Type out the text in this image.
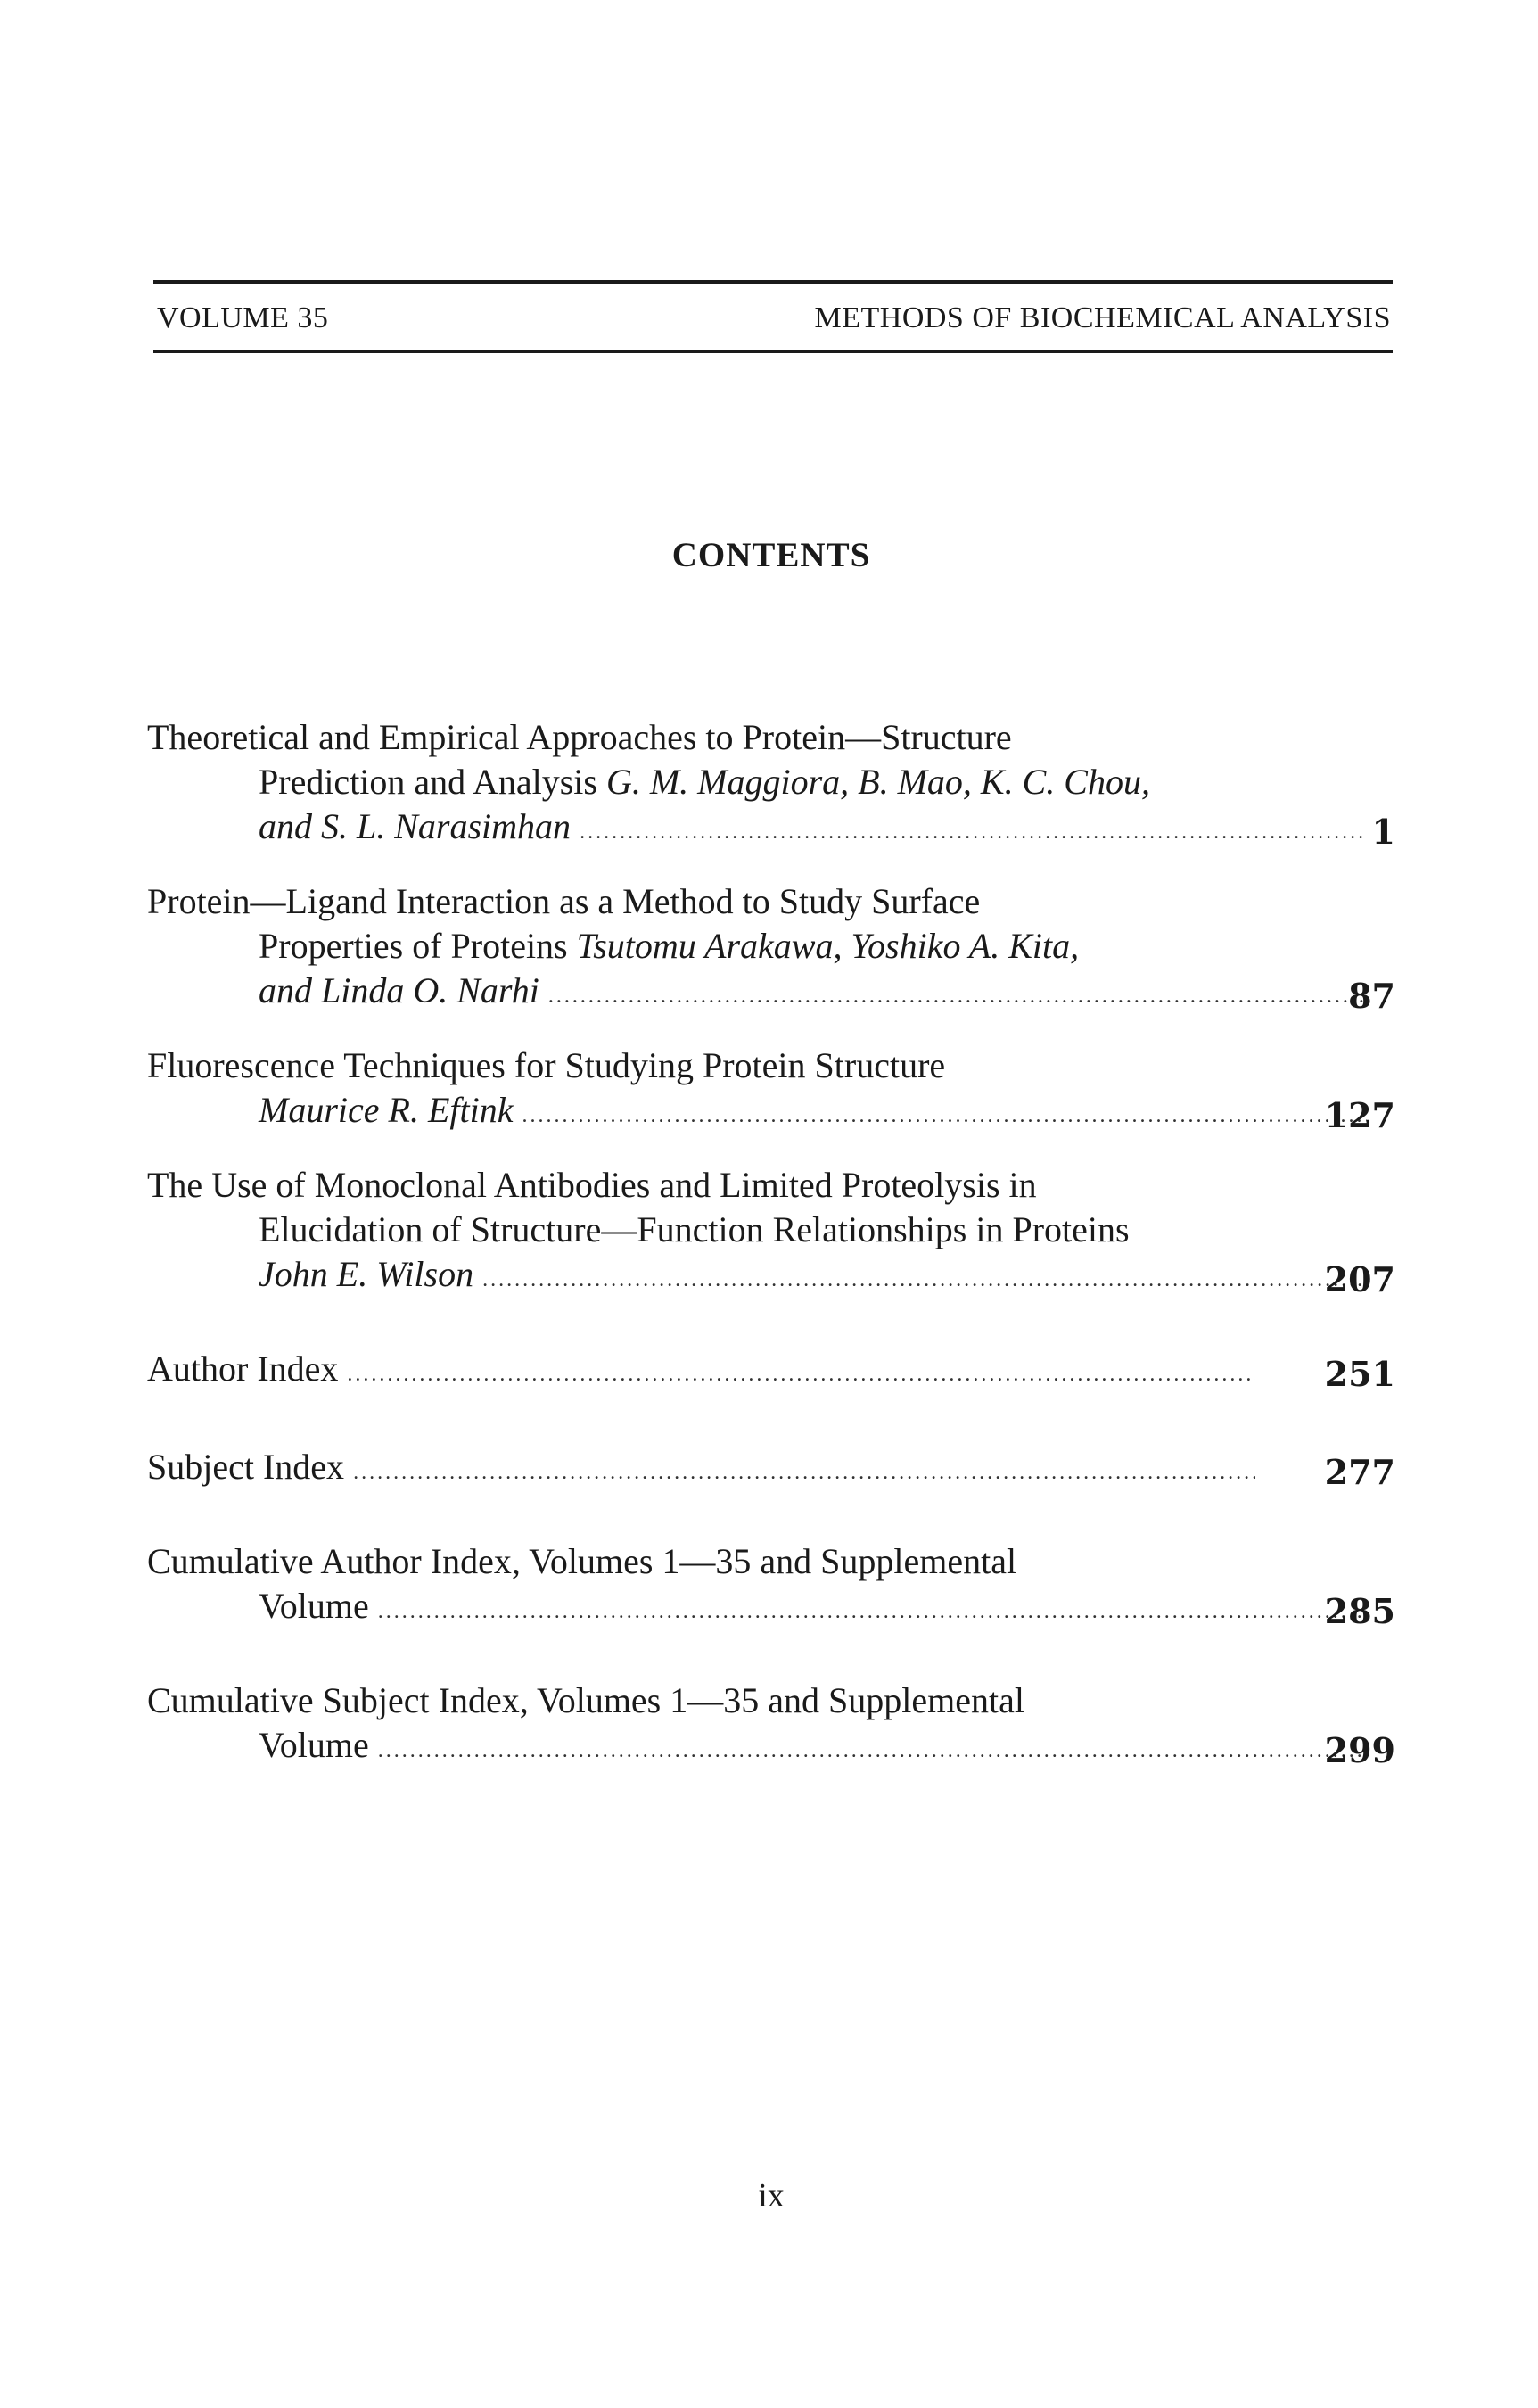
VOLUME 35	METHODS OF BIOCHEMICAL ANALYSIS
CONTENTS
Theoretical and Empirical Approaches to Protein—Structure
Prediction and Analysis G. M. Maggiora, B. Mao, K. C. Chou,
and S. L. Narasimhan .....	1
Protein—Ligand Interaction as a Method to Study Surface
Properties of Proteins Tsutomu Arakawa, Yoshiko A. Kita,
and Linda O. Narhi .....	87
Fluorescence Techniques for Studying Protein Structure
Maurice R. Eftink .....	127
The Use of Monoclonal Antibodies and Limited Proteolysis in
Elucidation of Structure—Function Relationships in Proteins
John E. Wilson .....	207
Author Index .....	251
Subject Index .....	277
Cumulative Author Index, Volumes 1—35 and Supplemental
Volume .....	285
Cumulative Subject Index, Volumes 1—35 and Supplemental
Volume .....	299
ix
